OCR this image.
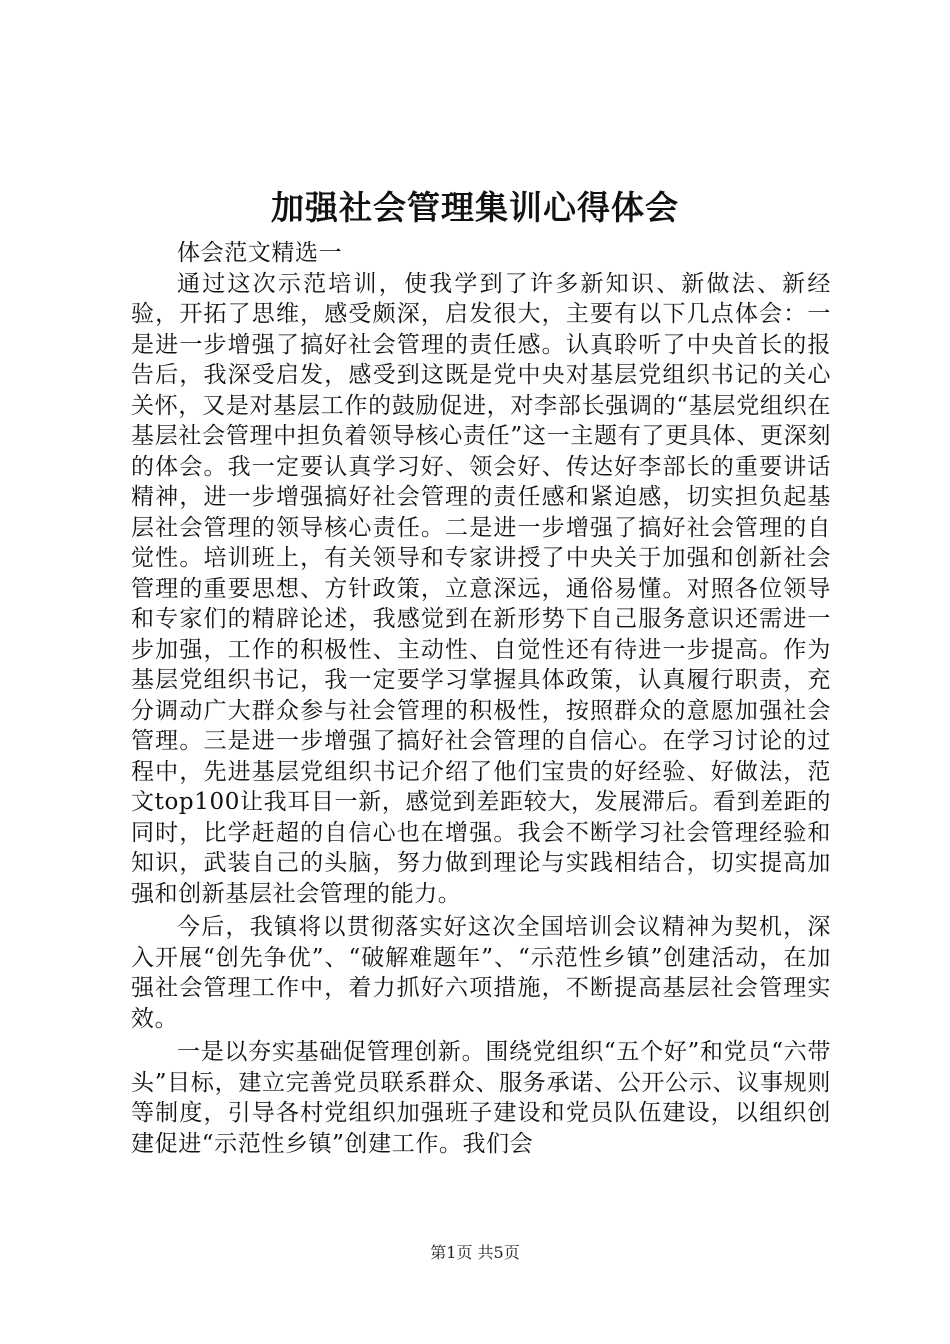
加强社会管理集训心得体会

体会范文精选一

通过这次示范培训，使我学到了许多新知识、新做法、新经验，开拓了思维，感受颇深，启发很大，主要有以下几点体会：一是进一步增强了搞好社会管理的责任感。认真聆听了中央首长的报告后，我深受启发，感受到这既是党中央对基层党组织书记的关心关怀，又是对基层工作的鼓励促进，对李部长强调的“基层党组织在基层社会管理中担负着领导核心责任”这一主题有了更具体、更深刻的体会。我一定要认真学习好、领会好、传达好李部长的重要讲话精神，进一步增强搞好社会管理的责任感和紧迫感，切实担负起基层社会管理的领导核心责任。二是进一步增强了搞好社会管理的自觉性。培训班上，有关领导和专家讲授了中央关于加强和创新社会管理的重要思想、方针政策，立意深远，通俗易懂。对照各位领导和专家们的精辟论述，我感觉到在新形势下自己服务意识还需进一步加强，工作的积极性、主动性、自觉性还有待进一步提高。作为基层党组织书记，我一定要学习掌握具体政策，认真履行职责，充分调动广大群众参与社会管理的积极性，按照群众的意愿加强社会管理。三是进一步增强了搞好社会管理的自信心。在学习讨论的过程中，先进基层党组织书记介绍了他们宝贵的好经验、好做法，范文top100让我耳目一新，感觉到差距较大，发展滞后。看到差距的同时，比学赶超的自信心也在增强。我会不断学习社会管理经验和知识，武装自己的头脑，努力做到理论与实践相结合，切实提高加强和创新基层社会管理的能力。

今后，我镇将以贯彻落实好这次全国培训会议精神为契机，深入开展“创先争优”、“破解难题年”、“示范性乡镇”创建活动，在加强社会管理工作中，着力抓好六项措施，不断提高基层社会管理实效。

一是以夯实基础促管理创新。围绕党组织“五个好”和党员“六带头”目标，建立完善党员联系群众、服务承诺、公开公示、议事规则等制度，引导各村党组织加强班子建设和党员队伍建设，以组织创建促进“示范性乡镇”创建工作。我们会

第1页 共5页
